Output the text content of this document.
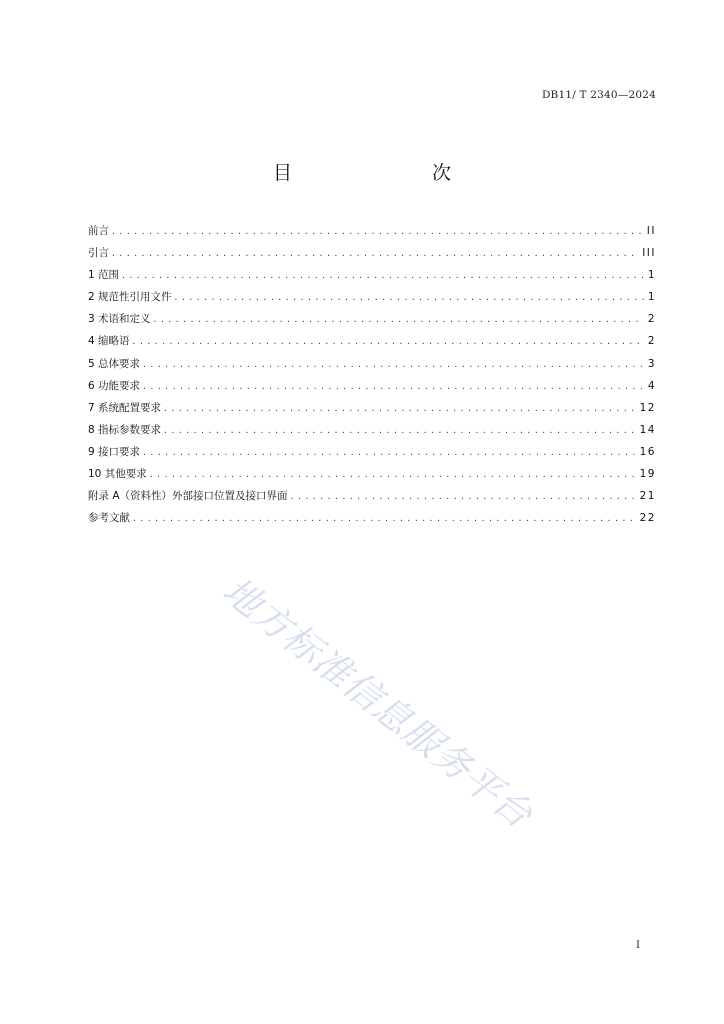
DB11/ T 2340—2024
目　　次
前言 .....	II
引言 .....	III
1 范围 .....	1
2 规范性引用文件 .....	1
3 术语和定义 .....	2
4 缩略语 .....	2
5 总体要求 .....	3
6 功能要求 .....	4
7 系统配置要求 .....	12
8 指标参数要求 .....	14
9 接口要求 .....	16
10 其他要求 .....	19
附录 A（资料性）外部接口位置及接口界面 .....	21
参考文献 .....	22
I
地方标准信息服务平台
